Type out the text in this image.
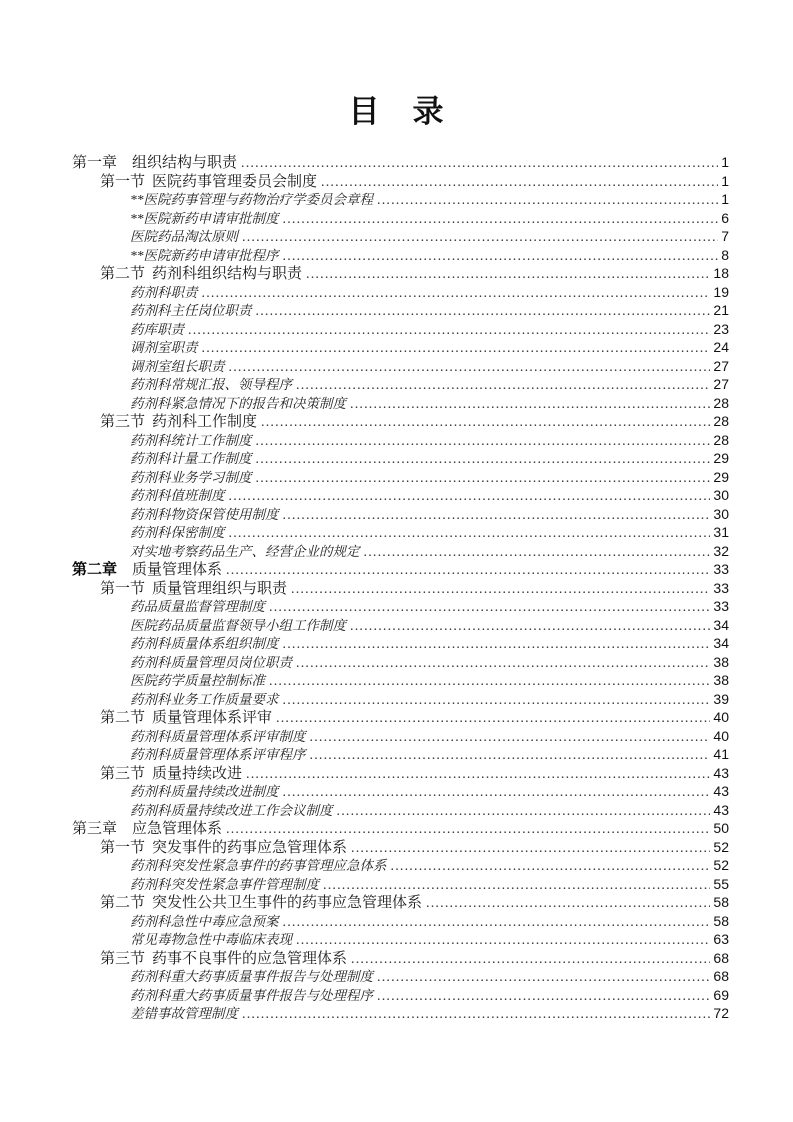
目　录
第一章 组织结构与职责 .....	1
第一节 医院药事管理委员会制度 .....	1
**医院药事管理与药物治疗学委员会章程 .....	1
**医院新药申请审批制度 .....	6
医院药品淘汰原则 .....	7
**医院新药申请审批程序 .....	8
第二节 药剂科组织结构与职责 .....	18
药剂科职责 .....	19
药剂科主任岗位职责 .....	21
药库职责 .....	23
调剂室职责 .....	24
调剂室组长职责 .....	27
药剂科常规汇报、领导程序 .....	27
药剂科紧急情况下的报告和决策制度 .....	28
第三节 药剂科工作制度 .....	28
药剂科统计工作制度 .....	28
药剂科计量工作制度 .....	29
药剂科业务学习制度 .....	29
药剂科值班制度 .....	30
药剂科物资保管使用制度 .....	30
药剂科保密制度 .....	31
对实地考察药品生产、经营企业的规定 .....	32
第二章 质量管理体系 .....	33
第一节 质量管理组织与职责 .....	33
药品质量监督管理制度 .....	33
医院药品质量监督领导小组工作制度 .....	34
药剂科质量体系组织制度 .....	34
药剂科质量管理员岗位职责 .....	38
医院药学质量控制标准 .....	38
药剂科业务工作质量要求 .....	39
第二节 质量管理体系评审 .....	40
药剂科质量管理体系评审制度 .....	40
药剂科质量管理体系评审程序 .....	41
第三节 质量持续改进 .....	43
药剂科质量持续改进制度 .....	43
药剂科质量持续改进工作会议制度 .....	43
第三章 应急管理体系 .....	50
第一节 突发事件的药事应急管理体系 .....	52
药剂科突发性紧急事件的药事管理应急体系 .....	52
药剂科突发性紧急事件管理制度 .....	55
第二节 突发性公共卫生事件的药事应急管理体系 .....	58
药剂科急性中毒应急预案 .....	58
常见毒物急性中毒临床表现 .....	63
第三节 药事不良事件的应急管理体系 .....	68
药剂科重大药事质量事件报告与处理制度 .....	68
药剂科重大药事质量事件报告与处理程序 .....	69
差错事故管理制度 .....	72
